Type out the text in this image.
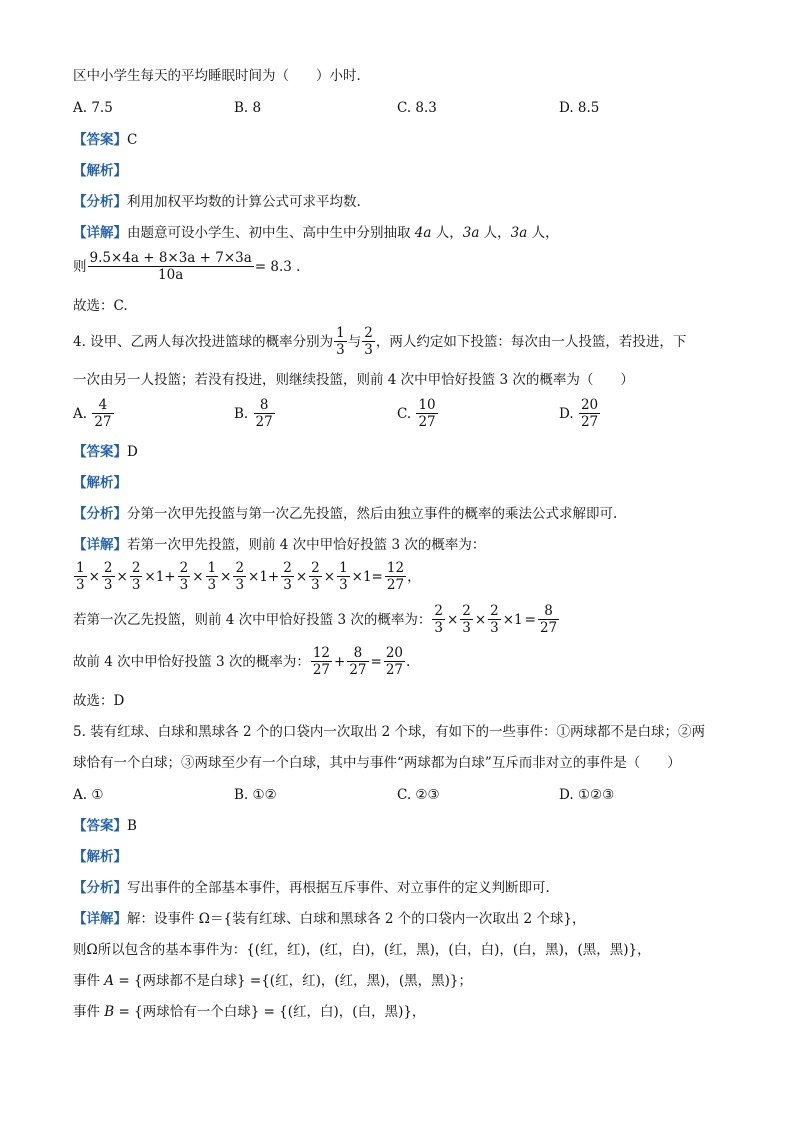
区中小学生每天的平均睡眠时间为（　　）小时．
A. 7.5	B. 8	C. 8.3	D. 8.5
【答案】C
【解析】
【分析】利用加权平均数的计算公式可求平均数.
【详解】由题意可设小学生、初中生、高中生中分别抽取 4a 人，3a 人，3a 人，
则 $\frac{9.5\times 4a + 8\times 3a + 7\times 3a}{10a} = 8.3$ .
故选：C.
4. 设甲、乙两人每次投进篮球的概率分别为 $\frac{1}{3}$ 与 $\frac{2}{3}$ ，两人约定如下投篮：每次由一人投篮，若投进，下
一次由另一人投篮；若没有投进，则继续投篮，则前 4 次中甲恰好投篮 3 次的概率为（　　）
A.
$\frac{4}{27}$	B.
$\frac{8}{27}$	C.
$\frac{10}{27}$	D.
$\frac{20}{27}$
【答案】D
【解析】
【分析】分第一次甲先投篮与第一次乙先投篮，然后由独立事件的概率的乘法公式求解即可.
【详解】若第一次甲先投篮，则前 4 次中甲恰好投篮 3 次的概率为：
$\frac{1}{3} \times \frac{2}{3} \times \frac{2}{3} \times 1+ \frac{2}{3} \times \frac{1}{3} \times \frac{2}{3} \times 1+ \frac{2}{3} \times \frac{2}{3} \times \frac{1}{3} \times 1= \frac{12}{27}$ ，
若第一次乙先投篮，则前 4 次中甲恰好投篮 3 次的概率为： $\frac{2}{3} \times \frac{2}{3} \times \frac{2}{3} \times 1 = \frac{8}{27}$
故前 4 次中甲恰好投篮 3 次的概率为： $\frac{12}{27} + \frac{8}{27} = \frac{20}{27}$ .
故选：D
5. 装有红球、白球和黑球各 2 个的口袋内一次取出 2 个球，有如下的一些事件：①两球都不是白球；②两
球恰有一个白球；③两球至少有一个白球，其中与事件“两球都为白球”互斥而非对立的事件是（　　）
A. ①	B. ①②	C. ②③	D. ①②③
【答案】B
【解析】
【分析】写出事件的全部基本事件，再根据互斥事件、对立事件的定义判断即可.
【详解】解：设事件 Ω＝{装有红球、白球和黑球各 2 个的口袋内一次取出 2 个球}，
则Ω所以包含的基本事件为：{(红，红)，(红，白)，(红，黑)，(白，白)，(白，黑)，(黑，黑)}，
事件 A = {两球都不是白球} ={(红，红)，(红，黑)，(黑，黑)}；
事件 B = {两球恰有一个白球} = {(红，白)，(白，黑)}，
